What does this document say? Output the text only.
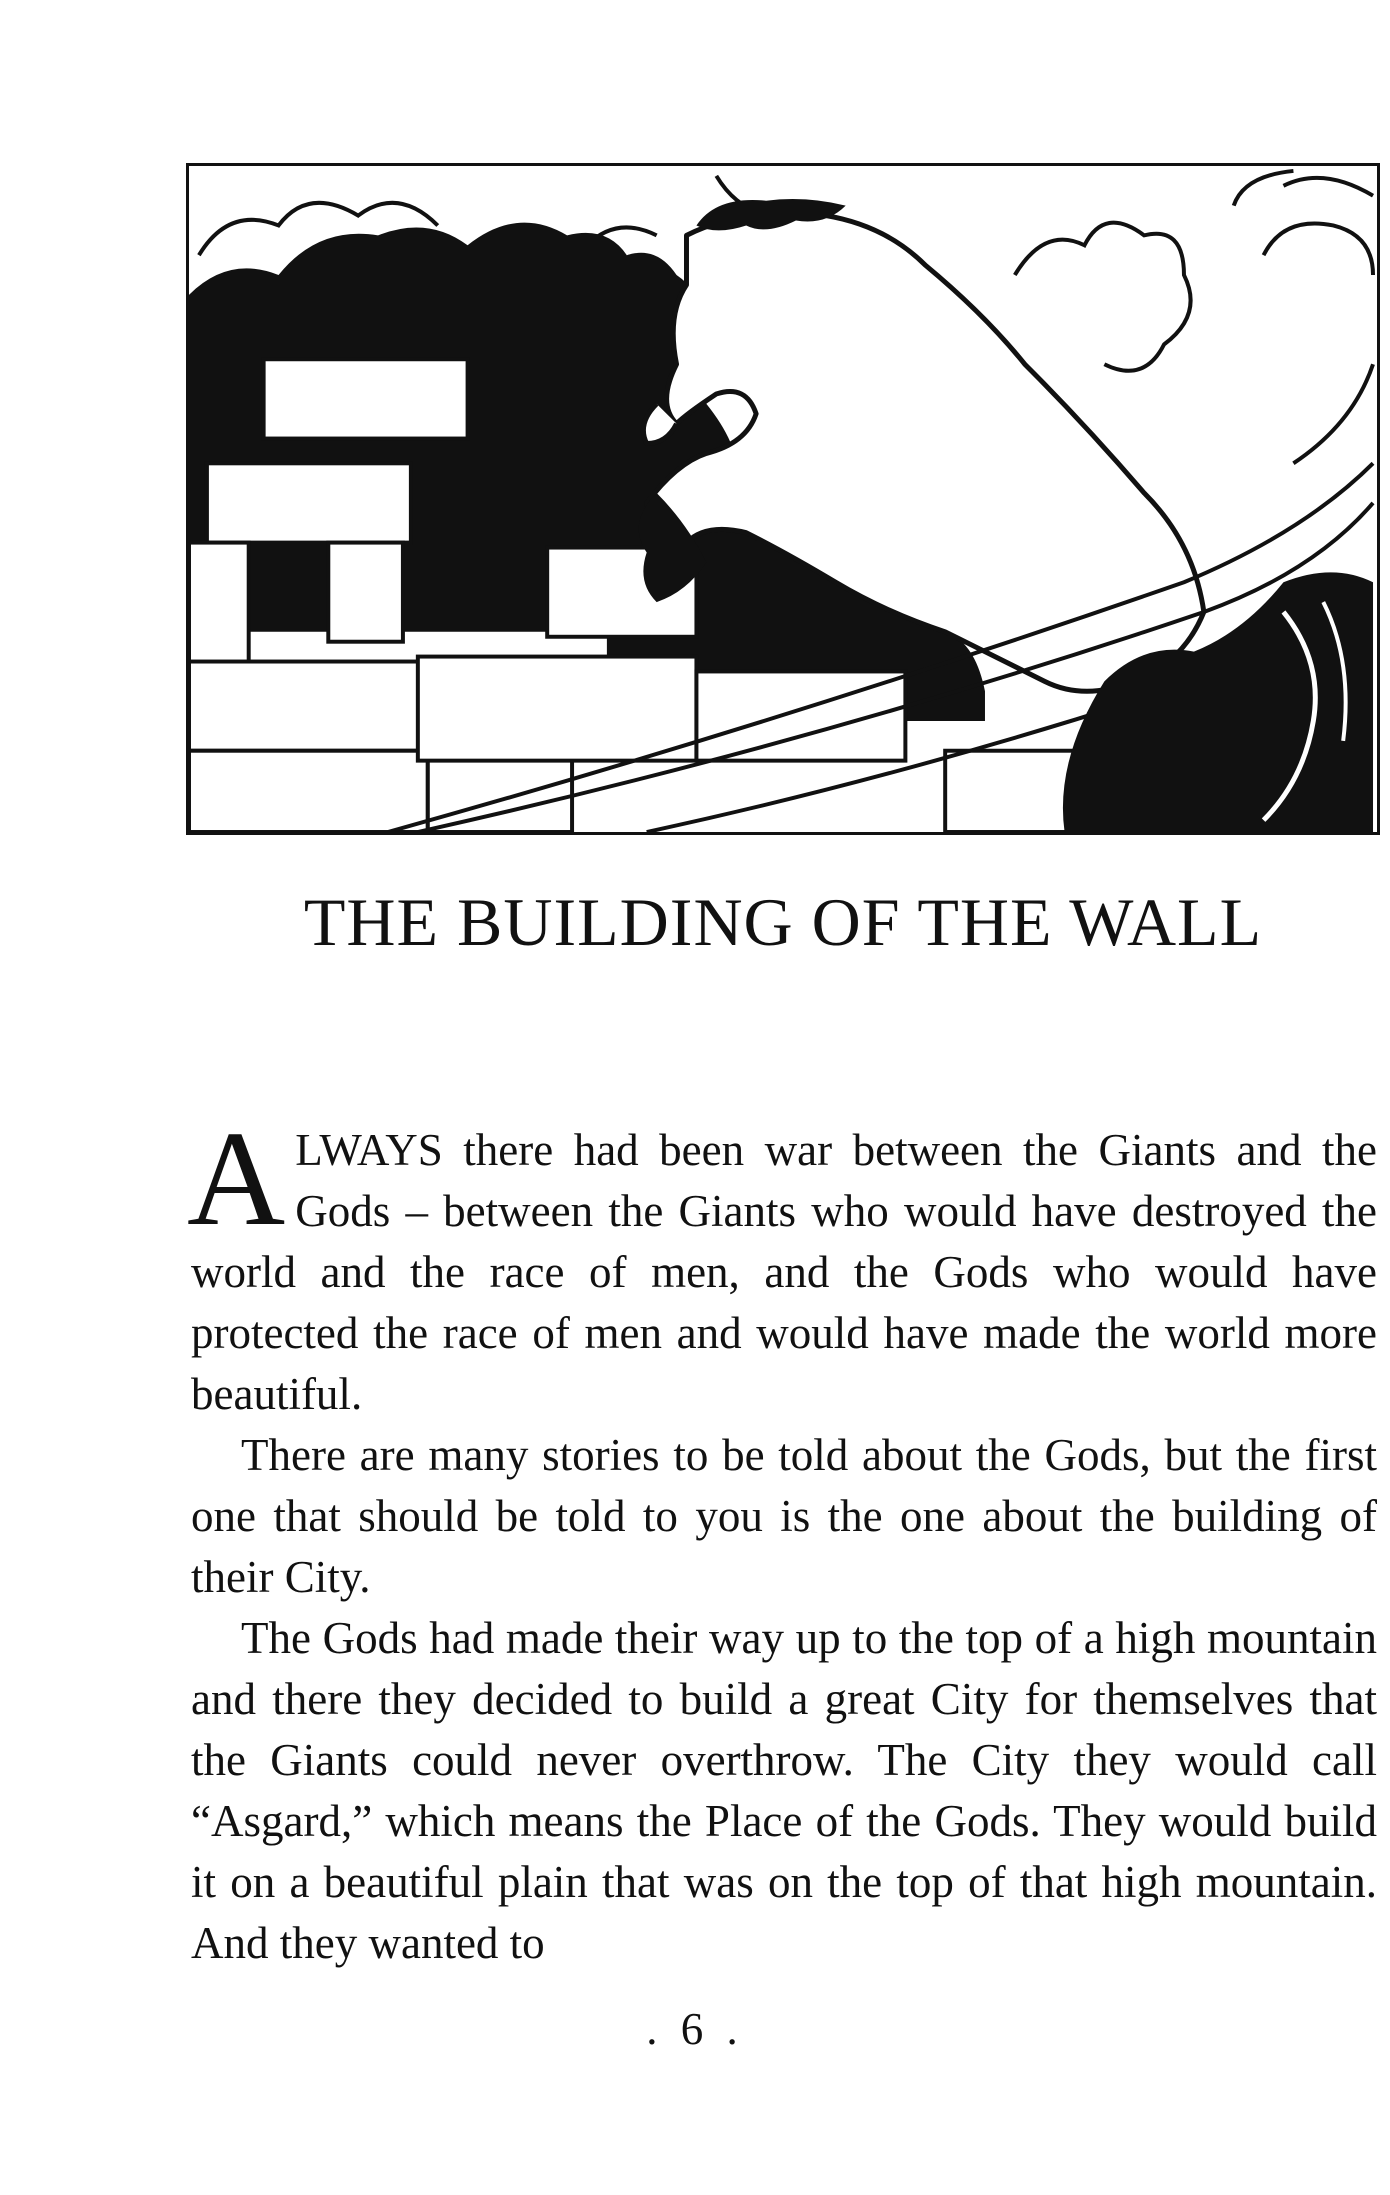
THE BUILDING OF THE WALL

ALWAYS there had been war between the Giants and the Gods – between the Giants who would have destroyed the world and the race of men, and the Gods who would have protected the race of men and would have made the world more beautiful.

There are many stories to be told about the Gods, but the first one that should be told to you is the one about the building of their City.

The Gods had made their way up to the top of a high mountain and there they decided to build a great City for themselves that the Giants could never overthrow. The City they would call “Asgard,” which means the Place of the Gods. They would build it on a beautiful plain that was on the top of that high mountain. And they wanted to

. 6 .
